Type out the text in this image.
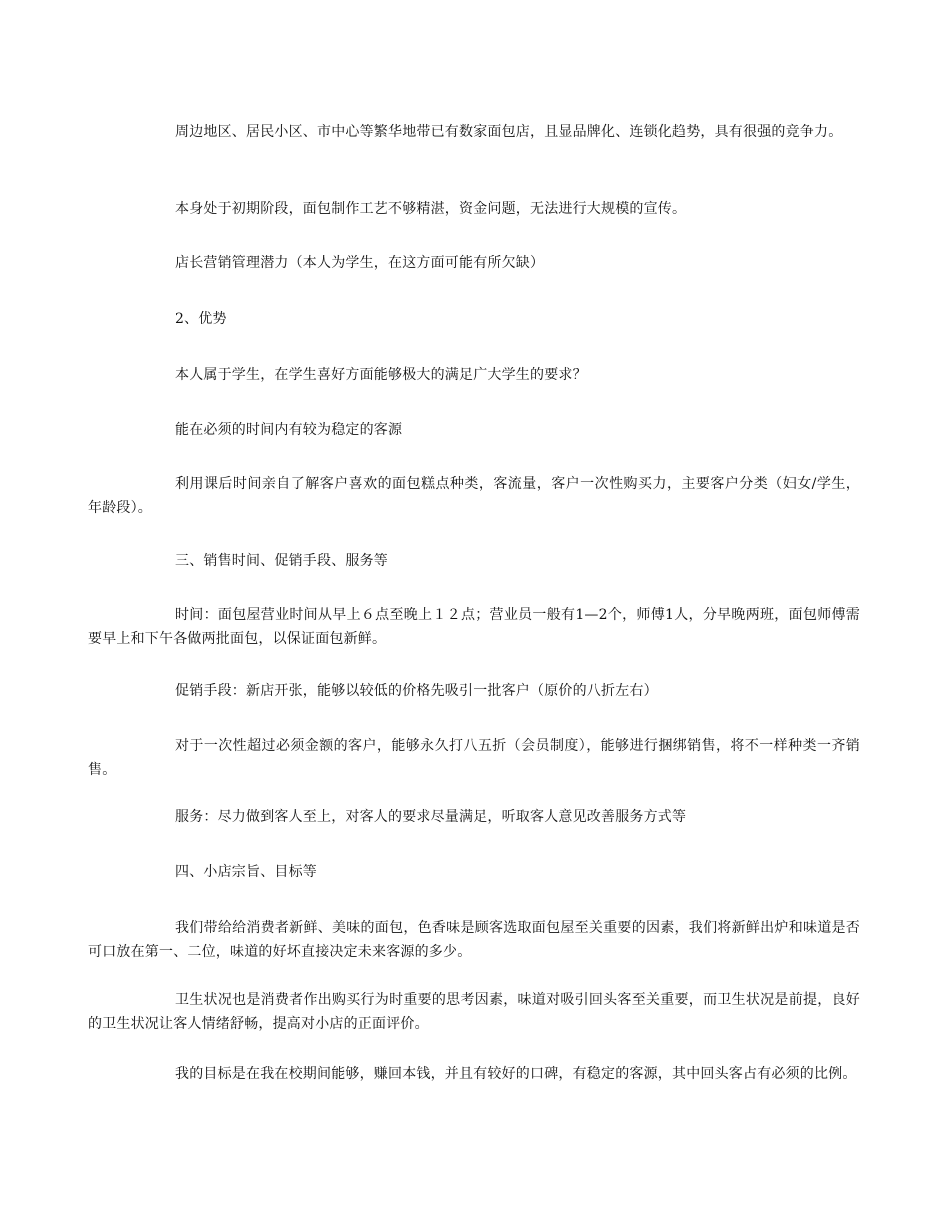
周边地区、居民小区、市中心等繁华地带已有数家面包店，且显品牌化、连锁化趋势，具有很强的竞争力。

本身处于初期阶段，面包制作工艺不够精湛，资金问题，无法进行大规模的宣传。

店长营销管理潜力（本人为学生，在这方面可能有所欠缺）

2、优势

本人属于学生，在学生喜好方面能够极大的满足广大学生的要求？

能在必须的时间内有较为稳定的客源

利用课后时间亲自了解客户喜欢的面包糕点种类，客流量，客户一次性购买力，主要客户分类（妇女/学生，年龄段）。

三、销售时间、促销手段、服务等

时间：面包屋营业时间从早上６点至晚上１２点；营业员一般有1—2个，师傅1人，分早晚两班，面包师傅需要早上和下午各做两批面包，以保证面包新鲜。

促销手段：新店开张，能够以较低的价格先吸引一批客户（原价的八折左右）

对于一次性超过必须金额的客户，能够永久打八五折（会员制度），能够进行捆绑销售，将不一样种类一齐销售。

服务：尽力做到客人至上，对客人的要求尽量满足，听取客人意见改善服务方式等

四、小店宗旨、目标等

我们带给给消费者新鲜、美味的面包，色香味是顾客选取面包屋至关重要的因素，我们将新鲜出炉和味道是否可口放在第一、二位，味道的好坏直接决定未来客源的多少。

卫生状况也是消费者作出购买行为时重要的思考因素，味道对吸引回头客至关重要，而卫生状况是前提，良好的卫生状况让客人情绪舒畅，提高对小店的正面评价。

我的目标是在我在校期间能够，赚回本钱，并且有较好的口碑，有稳定的客源，其中回头客占有必须的比例。
